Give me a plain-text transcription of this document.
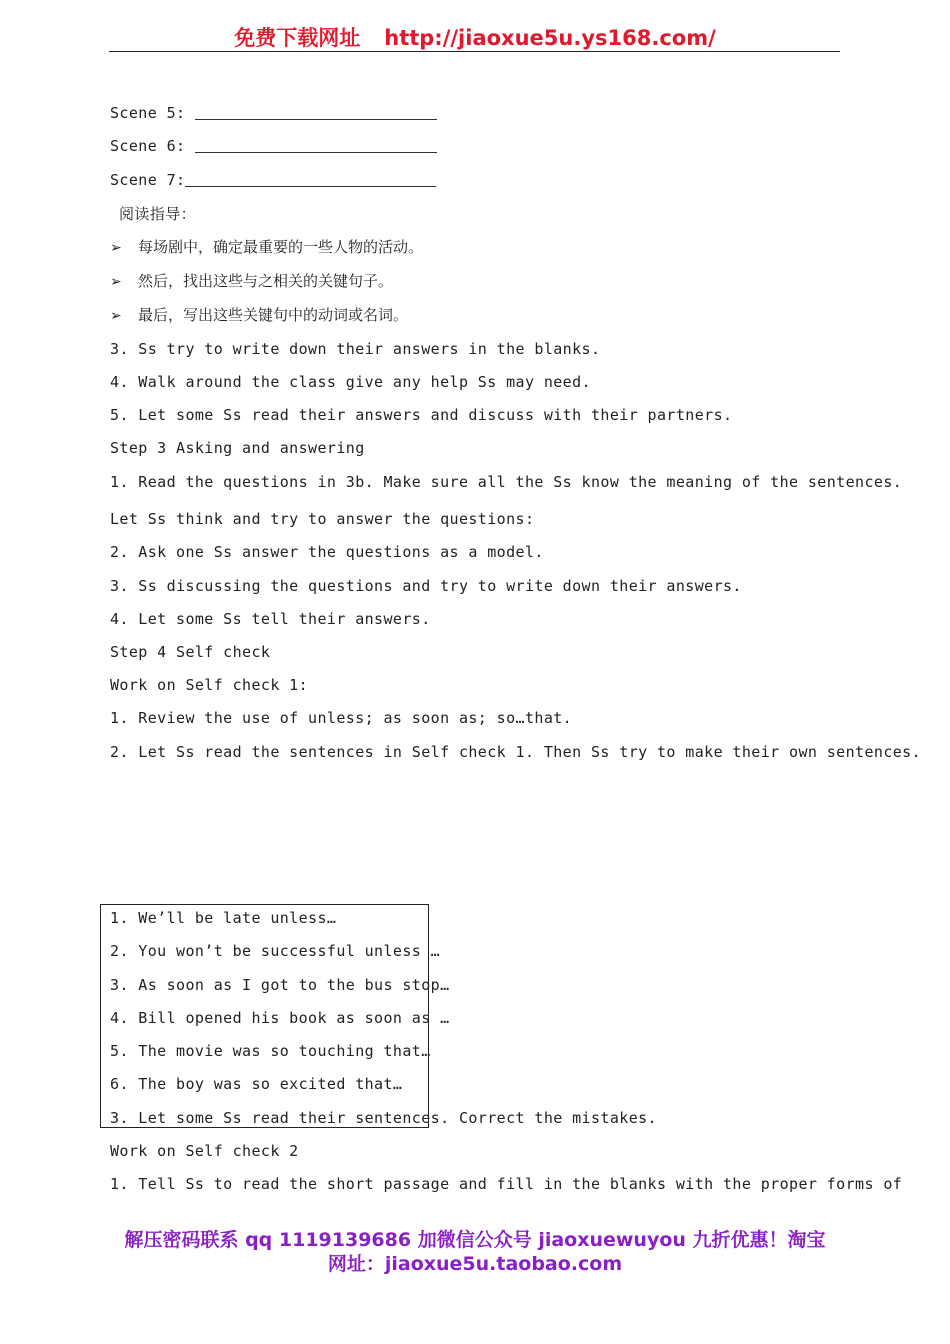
免费下载网址 http://jiaoxue5u.ys168.com/
Scene 5:
Scene 6:
Scene 7:
阅读指导：
➢ 每场剧中，确定最重要的一些人物的活动。
➢ 然后，找出这些与之相关的关键句子。
➢ 最后，写出这些关键句中的动词或名词。
3. Ss try to write down their answers in the blanks.
4. Walk around the class give any help Ss may need.
5. Let some Ss read their answers and discuss with their partners.
Step 3 Asking and answering
1. Read the questions in 3b. Make sure all the Ss know the meaning of the sentences.
Let Ss think and try to answer the questions:
2. Ask one Ss answer the questions as a model.
3. Ss discussing the questions and try to write down their answers.
4. Let some Ss tell their answers.
Step 4 Self check
Work on Self check 1:
1. Review the use of unless; as soon as; so…that.
2. Let Ss read the sentences in Self check 1. Then Ss try to make their own sentences.
1. We’ll be late unless…
2. You won’t be successful unless …
3. As soon as I got to the bus stop…
4. Bill opened his book as soon as …
5. The movie was so touching that…
6. The boy was so excited that…
3. Let some Ss read their sentences. Correct the mistakes.
Work on Self check 2
1. Tell Ss to read the short passage and fill in the blanks with the proper forms of
解压密码联系 qq 1119139686 加微信公众号 jiaoxuewuyou 九折优惠！淘宝
网址：jiaoxue5u.taobao.com
